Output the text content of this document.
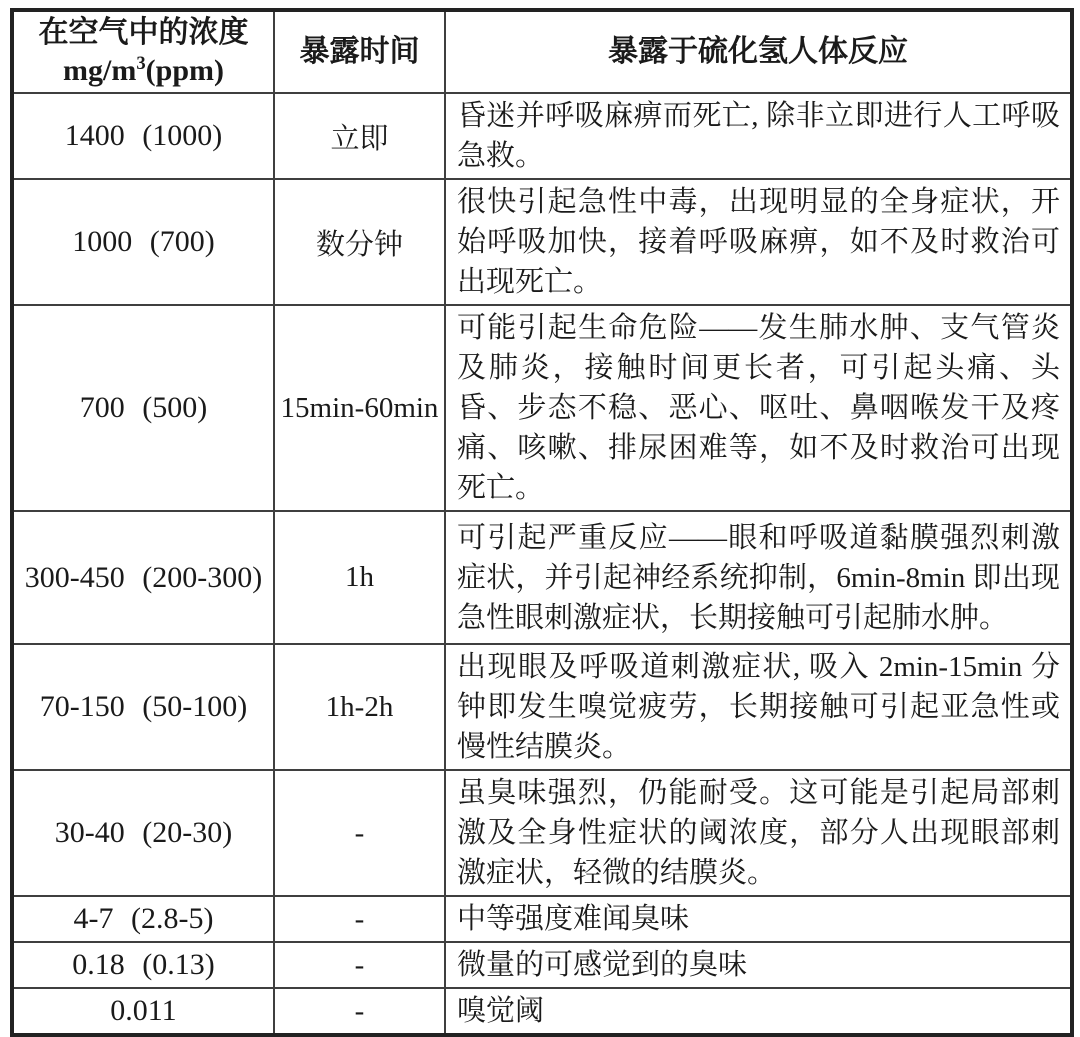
在空气中的浓度
$mg/m^3(ppm)$	暴露时间	暴露于硫化氢人体反应
1400 (1000)	立即	昏迷并呼吸麻痹而死亡, 除非立即进行人工呼吸急救。
1000 (700)	数分钟	很快引起急性中毒，出现明显的全身症状，开始呼吸加快，接着呼吸麻痹，如不及时救治可出现死亡。
700 (500)	15min-60min	可能引起生命危险——发生肺水肿、支气管炎及肺炎，接触时间更长者，可引起头痛、头昏、步态不稳、恶心、呕吐、鼻咽喉发干及疼痛、咳嗽、排尿困难等，如不及时救治可出现死亡。
300-450 (200-300)	1h	可引起严重反应——眼和呼吸道黏膜强烈刺激症状，并引起神经系统抑制，6min-8min 即出现急性眼刺激症状，长期接触可引起肺水肿。
70-150 (50-100)	1h-2h	出现眼及呼吸道刺激症状, 吸入 2min-15min 分钟即发生嗅觉疲劳，长期接触可引起亚急性或慢性结膜炎。
30-40 (20-30)	-	虽臭味强烈，仍能耐受。这可能是引起局部刺激及全身性症状的阈浓度，部分人出现眼部刺激症状，轻微的结膜炎。
4-7 (2.8-5)	-	中等强度难闻臭味
0.18 (0.13)	-	微量的可感觉到的臭味
0.011	-	嗅觉阈
